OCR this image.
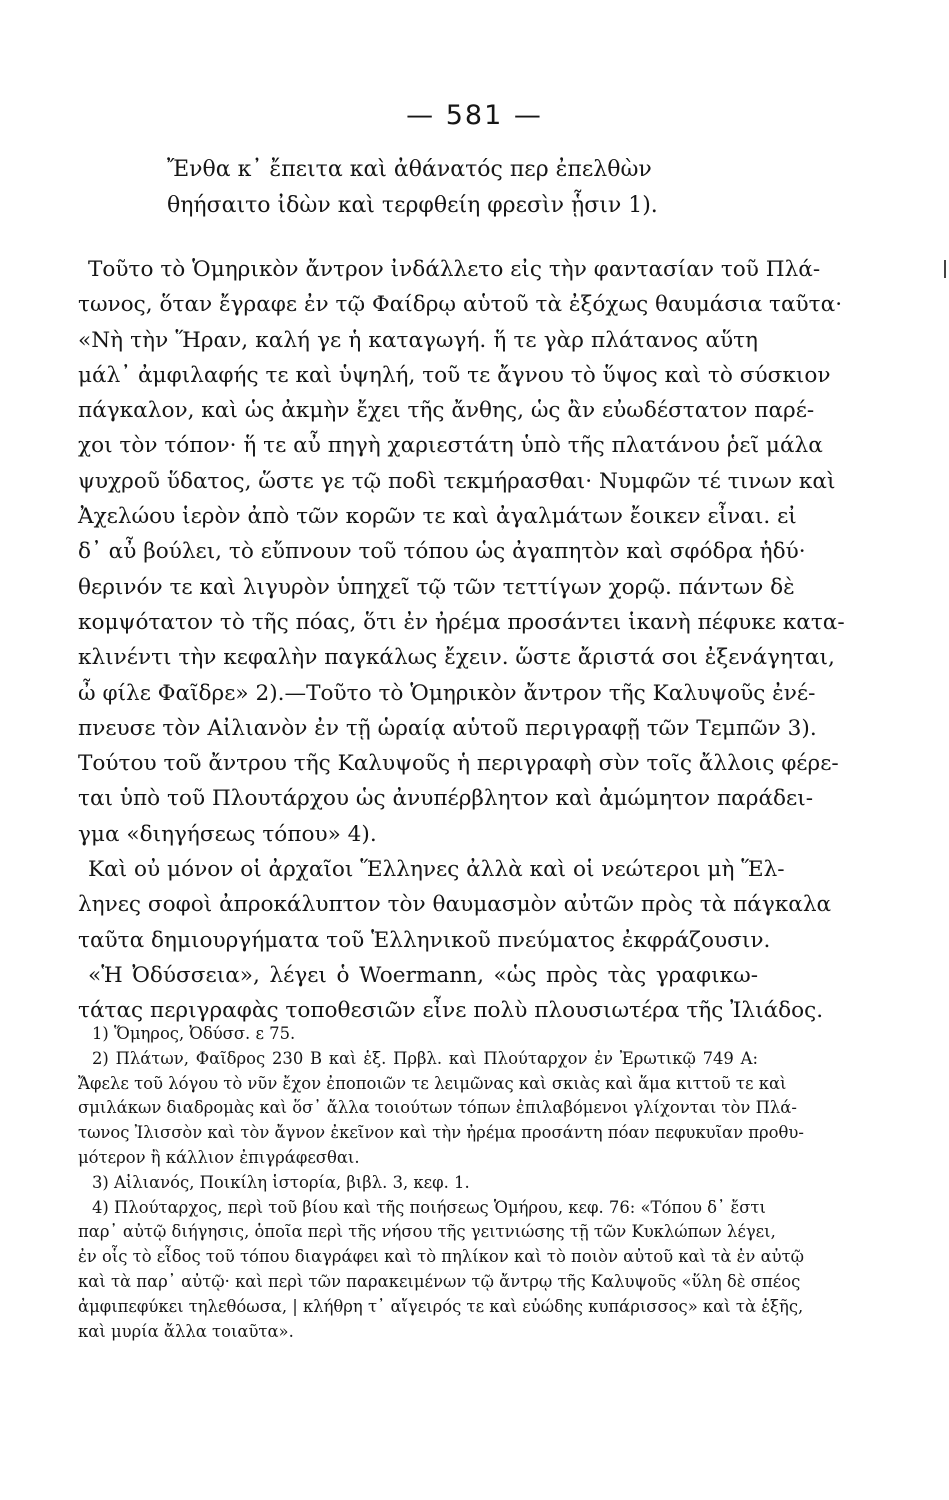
— 581 —
Ἔνθα κ᾽ ἔπειτα καὶ ἀθάνατός περ ἐπελθὼν
θηήσαιτο ἰδὼν καὶ τερφθείη φρεσὶν ᾗσιν 1).
Τοῦτο τὸ Ὁμηρικὸν ἄντρον ἰνδάλλετο εἰς τὴν φαντασίαν τοῦ Πλά-
τωνος, ὅταν ἔγραφε ἐν τῷ Φαίδρῳ αὑτοῦ τὰ ἐξόχως θαυμάσια ταῦτα·
«Νὴ τὴν Ἥραν, καλή γε ἡ καταγωγή. ἥ τε γὰρ πλάτανος αὕτη
μάλ᾽ ἀμφιλαφής τε καὶ ὑψηλή, τοῦ τε ἄγνου τὸ ὕψος καὶ τὸ σύσκιον
πάγκαλον, καὶ ὡς ἀκμὴν ἔχει τῆς ἄνθης, ὡς ἂν εὐωδέστατον παρέ-
χοι τὸν τόπον· ἥ τε αὖ πηγὴ χαριεστάτη ὑπὸ τῆς πλατάνου ῥεῖ μάλα
ψυχροῦ ὕδατος, ὥστε γε τῷ ποδὶ τεκμήρασθαι· Νυμφῶν τέ τινων καὶ
Ἀχελώου ἱερὸν ἀπὸ τῶν κορῶν τε καὶ ἀγαλμάτων ἔοικεν εἶναι. εἰ
δ᾽ αὖ βούλει, τὸ εὔπνουν τοῦ τόπου ὡς ἀγαπητὸν καὶ σφόδρα ἡδύ·
θερινόν τε καὶ λιγυρὸν ὑπηχεῖ τῷ τῶν τεττίγων χορῷ. πάντων δὲ
κομψότατον τὸ τῆς πόας, ὅτι ἐν ἠρέμα προσάντει ἱκανὴ πέφυκε κατα-
κλινέντι τὴν κεφαλὴν παγκάλως ἔχειν. ὥστε ἄριστά σοι ἐξενάγηται,
ὦ φίλε Φαῖδρε» 2).—Τοῦτο τὸ Ὁμηρικὸν ἄντρον τῆς Καλυψοῦς ἐνέ-
πνευσε τὸν Αἰλιανὸν ἐν τῇ ὡραίᾳ αὑτοῦ περιγραφῇ τῶν Τεμπῶν 3).
Τούτου τοῦ ἄντρου τῆς Καλυψοῦς ἡ περιγραφὴ σὺν τοῖς ἄλλοις φέρε-
ται ὑπὸ τοῦ Πλουτάρχου ὡς ἀνυπέρβλητον καὶ ἀμώμητον παράδει-
γμα «διηγήσεως τόπου» 4).
Καὶ οὐ μόνον οἱ ἀρχαῖοι Ἕλληνες ἀλλὰ καὶ οἱ νεώτεροι μὴ Ἕλ-
ληνες σοφοὶ ἀπροκάλυπτον τὸν θαυμασμὸν αὐτῶν πρὸς τὰ πάγκαλα
ταῦτα δημιουργήματα τοῦ Ἑλληνικοῦ πνεύματος ἐκφράζουσιν.
«Ἡ Ὀδύσσεια», λέγει ὁ Woermann, «ὡς πρὸς τὰς γραφικω-
τάτας περιγραφὰς τοποθεσιῶν εἶνε πολὺ πλουσιωτέρα τῆς Ἰλιάδος.
1) Ὅμηρος, Ὀδύσσ. ε 75.
2) Πλάτων, Φαῖδρος 230 B καὶ ἑξ. Πρβλ. καὶ Πλούταρχον ἐν Ἐρωτικῷ 749 A:
Ἄφελε τοῦ λόγου τὸ νῦν ἔχον ἐποποιῶν τε λειμῶνας καὶ σκιὰς καὶ ἅμα κιττοῦ τε καὶ
σμιλάκων διαδρομὰς καὶ ὅσ᾽ ἄλλα τοιούτων τόπων ἐπιλαβόμενοι γλίχονται τὸν Πλά-
τωνος Ἰλισσὸν καὶ τὸν ἄγνον ἐκεῖνον καὶ τὴν ἠρέμα προσάντη πόαν πεφυκυῖαν προθυ-
μότερον ἢ κάλλιον ἐπιγράφεσθαι.
3) Αἰλιανός, Ποικίλη ἱστορία, βιβλ. 3, κεφ. 1.
4) Πλούταρχος, περὶ τοῦ βίου καὶ τῆς ποιήσεως Ὁμήρου, κεφ. 76: «Τόπου δ᾽ ἔστι
παρ᾽ αὐτῷ διήγησις, ὁποῖα περὶ τῆς νήσου τῆς γειτνιώσης τῇ τῶν Κυκλώπων λέγει,
ἐν οἷς τὸ εἶδος τοῦ τόπου διαγράφει καὶ τὸ πηλίκον καὶ τὸ ποιὸν αὐτοῦ καὶ τὰ ἐν αὐτῷ
καὶ τὰ παρ᾽ αὐτῷ· καὶ περὶ τῶν παρακειμένων τῷ ἄντρῳ τῆς Καλυψοῦς «ὕλη δὲ σπέος
ἀμφιπεφύκει τηλεθόωσα, | κλήθρη τ᾽ αἴγειρός τε καὶ εὐώδης κυπάρισσος» καὶ τὰ ἑξῆς,
καὶ μυρία ἄλλα τοιαῦτα».
